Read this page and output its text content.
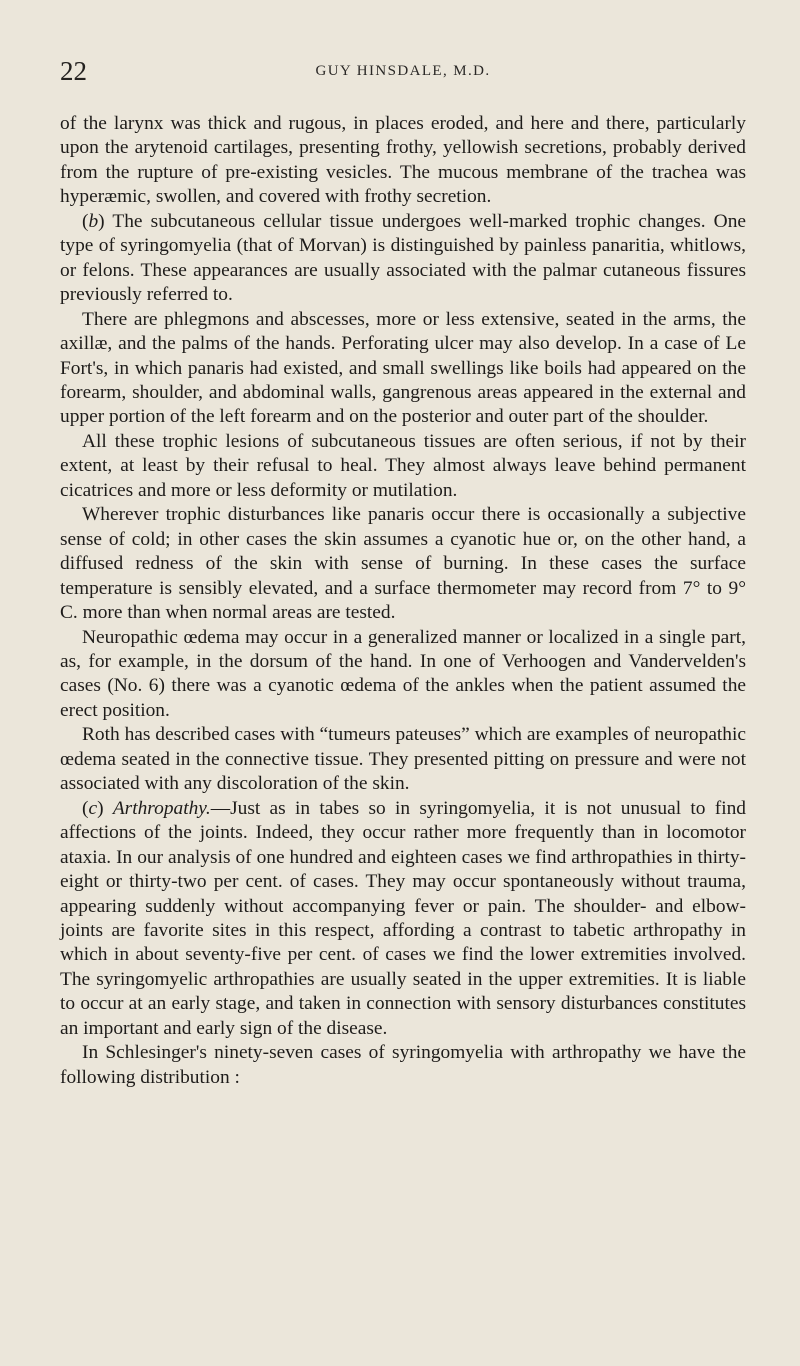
22	GUY HINSDALE, M.D.

of the larynx was thick and rugous, in places eroded, and here and there, particularly upon the arytenoid cartilages, presenting frothy, yellowish secretions, probably derived from the rupture of pre-existing vesicles. The mucous membrane of the trachea was hyperæmic, swollen, and covered with frothy secretion.

(b) The subcutaneous cellular tissue undergoes well-marked trophic changes. One type of syringomyelia (that of Morvan) is distinguished by painless panaritia, whitlows, or felons. These appearances are usually associated with the palmar cutaneous fissures previously referred to.

There are phlegmons and abscesses, more or less extensive, seated in the arms, the axillæ, and the palms of the hands. Perforating ulcer may also develop. In a case of Le Fort's, in which panaris had existed, and small swellings like boils had appeared on the forearm, shoulder, and abdominal walls, gangrenous areas appeared in the external and upper portion of the left forearm and on the posterior and outer part of the shoulder.

All these trophic lesions of subcutaneous tissues are often serious, if not by their extent, at least by their refusal to heal. They almost always leave behind permanent cicatrices and more or less deformity or mutilation.

Wherever trophic disturbances like panaris occur there is occasionally a subjective sense of cold; in other cases the skin assumes a cyanotic hue or, on the other hand, a diffused redness of the skin with sense of burning. In these cases the surface temperature is sensibly elevated, and a surface thermometer may record from 7° to 9° C. more than when normal areas are tested.

Neuropathic œdema may occur in a generalized manner or localized in a single part, as, for example, in the dorsum of the hand. In one of Verhoogen and Vandervelden's cases (No. 6) there was a cyanotic œdema of the ankles when the patient assumed the erect position.

Roth has described cases with “tumeurs pateuses” which are examples of neuropathic œdema seated in the connective tissue. They presented pitting on pressure and were not associated with any discoloration of the skin.

(c) Arthropathy.—Just as in tabes so in syringomyelia, it is not unusual to find affections of the joints. Indeed, they occur rather more frequently than in locomotor ataxia. In our analysis of one hundred and eighteen cases we find arthropathies in thirty-eight or thirty-two per cent. of cases. They may occur spontaneously without trauma, appearing suddenly without accompanying fever or pain. The shoulder- and elbow-joints are favorite sites in this respect, affording a contrast to tabetic arthropathy in which in about seventy-five per cent. of cases we find the lower extremities involved. The syringomyelic arthropathies are usually seated in the upper extremities. It is liable to occur at an early stage, and taken in connection with sensory disturbances constitutes an important and early sign of the disease.

In Schlesinger's ninety-seven cases of syringomyelia with arthropathy we have the following distribution :
